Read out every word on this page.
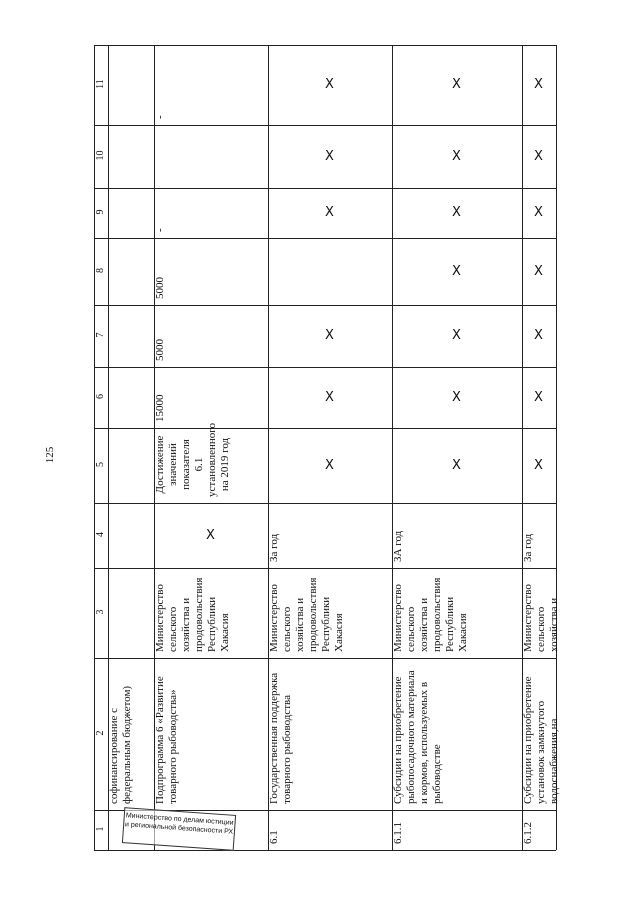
125
1
2
3
4
5
6
7
8
9
10
11
софинансирование с федеральным бюджетом)	Подпрограмма 6 «Развитие товарного рыбоводства»
Министерство сельского хозяйства и продовольствия Республики Хакасия
X
Достижение значений показателя 6.1 установленного на 2019 год
15000
5000
5000
-
-
6.1
Государственная поддержка товарного рыбоводства
Министерство сельского хозяйства и продовольствия Республики Хакасия
За год
X
X
X
X
X
X
6.1.1
Субсидии на приобретение рыбопосадочного материала и кормов, используемых в рыбоводстве
Министерство сельского хозяйства и продовольствия Республики Хакасия
ЗА год
X
X
X
X
X
X
X
6.1.2
Субсидии на приобретение установок замкнутого водоснабжения,на
Министерство сельского хозяйства и
За год
X
X
X
X
X
X
X
Министерство по делам юстиции и региональной безопасности РХ
